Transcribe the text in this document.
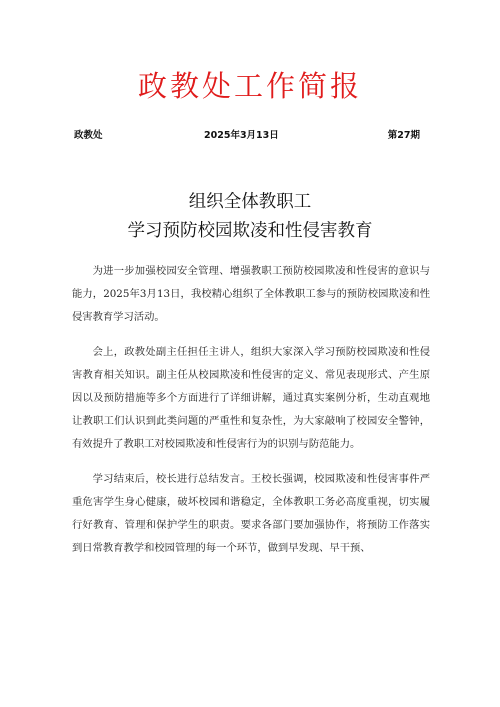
政教处工作简报
政教处	2025年3月13日	第27期
组织全体教职工
学习预防校园欺凌和性侵害教育

为进一步加强校园安全管理、增强教职工预防校园欺凌和性侵害的意识与能力，2025年3月13日，我校精心组织了全体教职工参与的预防校园欺凌和性侵害教育学习活动。

会上，政教处副主任担任主讲人，组织大家深入学习预防校园欺凌和性侵害教育相关知识。副主任从校园欺凌和性侵害的定义、常见表现形式、产生原因以及预防措施等多个方面进行了详细讲解，通过真实案例分析，生动直观地让教职工们认识到此类问题的严重性和复杂性，为大家敲响了校园安全警钟，有效提升了教职工对校园欺凌和性侵害行为的识别与防范能力。

学习结束后，校长进行总结发言。王校长强调，校园欺凌和性侵害事件严重危害学生身心健康，破坏校园和谐稳定，全体教职工务必高度重视，切实履行好教育、管理和保护学生的职责。要求各部门要加强协作，将预防工作落实到日常教育教学和校园管理的每一个环节，做到早发现、早干预、
